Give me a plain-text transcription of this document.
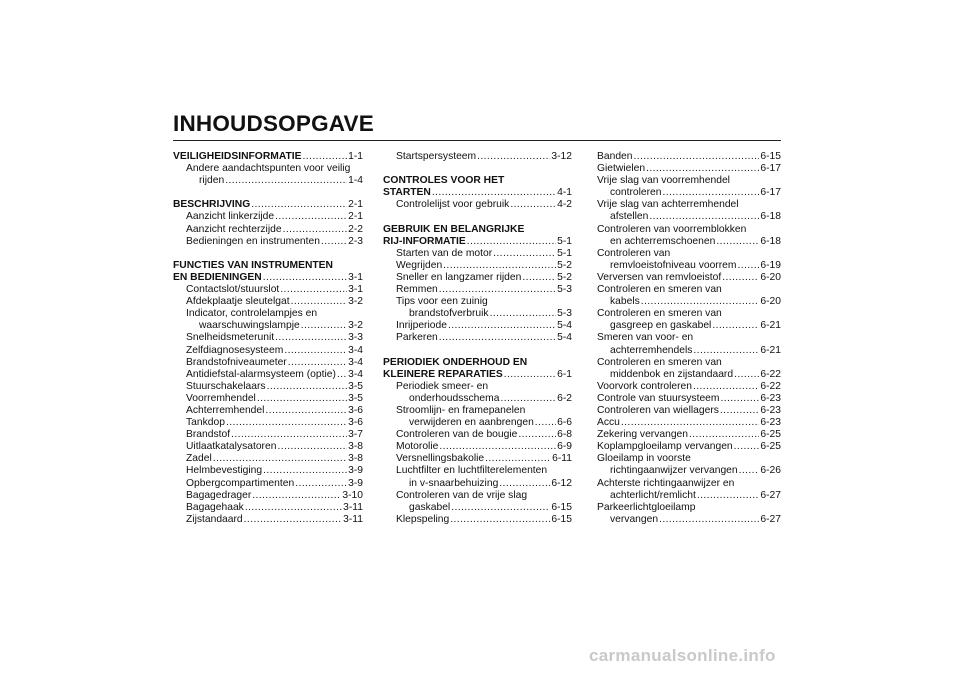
INHOUDSOPGAVE
VEILIGHEIDSINFORMATIE .....	1-1
Andere aandachtspunten voor veilig
rijden .....	1-4
BESCHRIJVING .....	2-1
Aanzicht linkerzijde .....	2-1
Aanzicht rechterzijde .....	2-2
Bedieningen en instrumenten .....	2-3
FUNCTIES VAN INSTRUMENTEN
EN BEDIENINGEN .....	3-1
Contactslot/stuurslot .....	3-1
Afdekplaatje sleutelgat .....	3-2
Indicator, controlelampjes en
waarschuwingslampje .....	3-2
Snelheidsmeterunit .....	3-3
Zelfdiagnosesysteem .....	3-4
Brandstofniveaumeter .....	3-4
Antidiefstal-alarmsysteem (optie) ..... 3-4
Stuurschakelaars .....	3-5
Voorremhendel .....	3-5
Achterremhendel .....	3-6
Tankdop .....	3-6
Brandstof .....	3-7
Uitlaatkatalysatoren .....	3-8
Zadel .....	3-8
Helmbevestiging .....	3-9
Opbergcompartimenten .....	3-9
Bagagedrager .....	3-10
Bagagehaak .....	3-11
Zijstandaard .....	3-11
Startspersysteem .....	3-12
CONTROLES VOOR HET
STARTEN .....	4-1
Controlelijst voor gebruik .....	4-2
GEBRUIK EN BELANGRIJKE
RIJ-INFORMATIE .....	5-1
Starten van de motor .....	5-1
Wegrijden .....	5-2
Sneller en langzamer rijden .....	5-2
Remmen .....	5-3
Tips voor een zuinig
brandstofverbruik .....	5-3
Inrijperiode .....	5-4
Parkeren .....	5-4
PERIODIEK ONDERHOUD EN
KLEINERE REPARATIES .....	6-1
Periodiek smeer- en
onderhoudsschema .....	6-2
Stroomlijn- en framepanelen
verwijderen en aanbrengen ..... 6-6
Controleren van de bougie .....	6-8
Motorolie .....	6-9
Versnellingsbakolie .....	6-11
Luchtfilter en luchtfilterelementen
in v-snaarbehuizing .....	6-12
Controleren van de vrije slag
gaskabel .....	6-15
Klepspeling .....	6-15
Banden .....	6-15
Gietwielen .....	6-17
Vrije slag van voorremhendel
controleren .....	6-17
Vrije slag van achterremhendel
afstellen .....	6-18
Controleren van voorremblokken
en achterremschoenen .....	6-18
Controleren van
remvloeistofniveau voorrem ..... 6-19
Verversen van remvloeistof .....	6-20
Controleren en smeren van
kabels .....	6-20
Controleren en smeren van
gasgreep en gaskabel .....	6-21
Smeren van voor- en
achterremhendels .....	6-21
Controleren en smeren van
middenbok en zijstandaard .....	6-22
Voorvork controleren .....	6-22
Controle van stuursysteem .....	6-23
Controleren van wiellagers .....	6-23
Accu .....	6-23
Zekering vervangen .....	6-25
Koplampgloeilamp vervangen .....	6-25
Gloeilamp in voorste
richtingaanwijzer vervangen ..... 6-26
Achterste richtingaanwijzer en
achterlicht/remlicht .....	6-27
Parkeerlichtgloeilamp
vervangen .....	6-27
carmanualsonline.info
